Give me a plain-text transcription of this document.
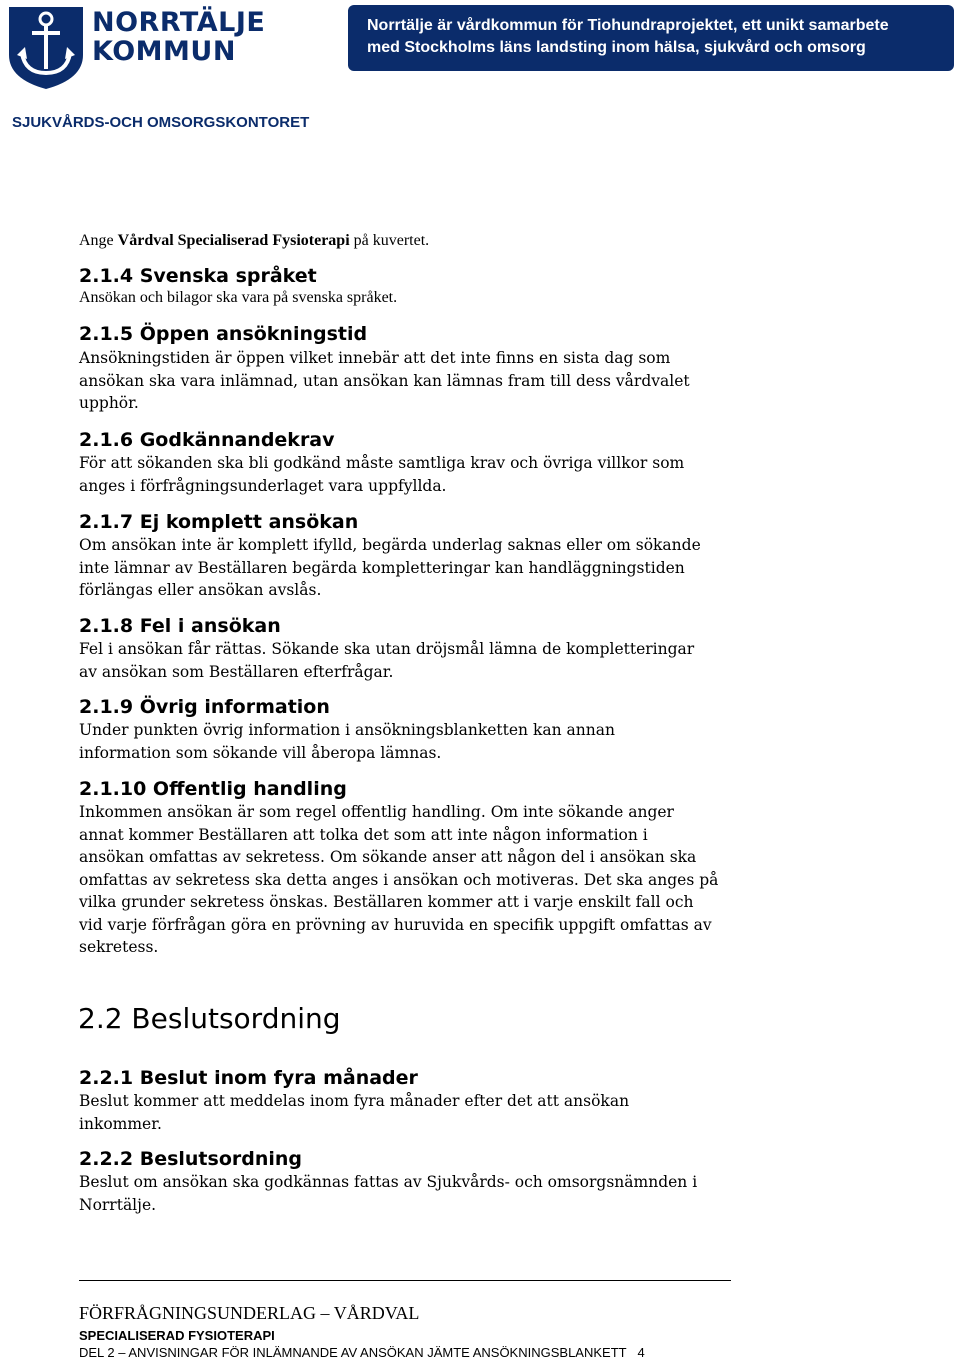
NORRTÄLJE
KOMMUN
Norrtälje är vårdkommun för Tiohundraprojektet, ett unikt samarbete
med Stockholms läns landsting inom hälsa, sjukvård och omsorg
SJUKVÅRDS-OCH OMSORGSKONTORET
Ange Vårdval Specialiserad Fysioterapi på kuvertet.
2.1.4 Svenska språket
Ansökan och bilagor ska vara på svenska språket.
2.1.5 Öppen ansökningstid
Ansökningstiden är öppen vilket innebär att det inte finns en sista dag som
ansökan ska vara inlämnad, utan ansökan kan lämnas fram till dess vårdvalet
upphör.
2.1.6 Godkännandekrav
För att sökanden ska bli godkänd måste samtliga krav och övriga villkor som
anges i förfrågningsunderlaget vara uppfyllda.
2.1.7 Ej komplett ansökan
Om ansökan inte är komplett ifylld, begärda underlag saknas eller om sökande
inte lämnar av Beställaren begärda kompletteringar kan handläggningstiden
förlängas eller ansökan avslås.
2.1.8 Fel i ansökan
Fel i ansökan får rättas. Sökande ska utan dröjsmål lämna de kompletteringar
av ansökan som Beställaren efterfrågar.
2.1.9 Övrig information
Under punkten övrig information i ansökningsblanketten kan annan
information som sökande vill åberopa lämnas.
2.1.10 Offentlig handling
Inkommen ansökan är som regel offentlig handling. Om inte sökande anger
annat kommer Beställaren att tolka det som att inte någon information i
ansökan omfattas av sekretess. Om sökande anser att någon del i ansökan ska
omfattas av sekretess ska detta anges i ansökan och motiveras. Det ska anges på
vilka grunder sekretess önskas. Beställaren kommer att i varje enskilt fall och
vid varje förfrågan göra en prövning av huruvida en specifik uppgift omfattas av
sekretess.
2.2 Beslutsordning
2.2.1 Beslut inom fyra månader
Beslut kommer att meddelas inom fyra månader efter det att ansökan
inkommer.
2.2.2 Beslutsordning
Beslut om ansökan ska godkännas fattas av Sjukvårds- och omsorgsnämnden i
Norrtälje.
FÖRFRÅGNINGSUNDERLAG – VÅRDVAL
SPECIALISERAD FYSIOTERAPI
DEL 2 – ANVISNINGAR FÖR INLÄMNANDE AV ANSÖKAN JÄMTE ANSÖKNINGSBLANKETT 4
